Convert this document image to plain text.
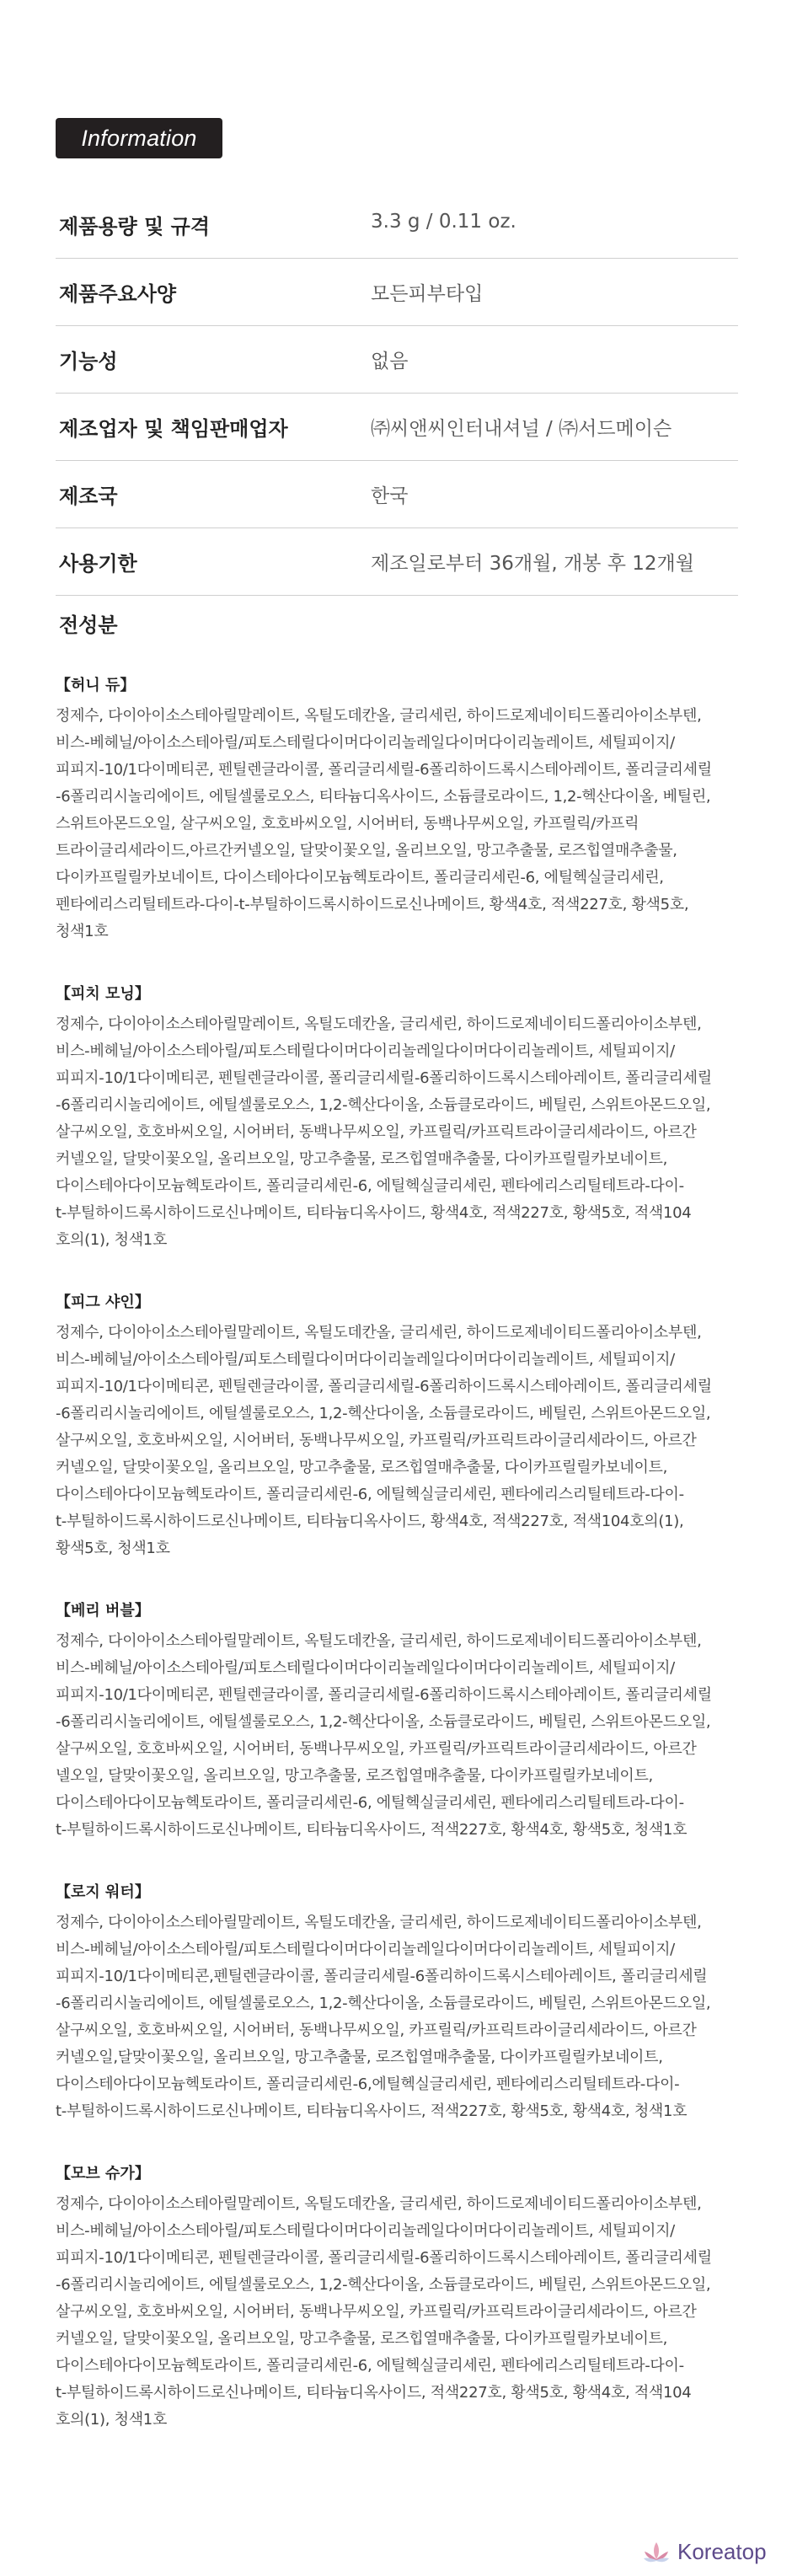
Information
제품용량 및 규격	3.3 g / 0.11 oz.
제품주요사양	모든피부타입
기능성	없음
제조업자 및 책임판매업자	㈜씨앤씨인터내셔널 / ㈜서드메이슨
제조국	한국
사용기한	제조일로부터 36개월, 개봉 후 12개월
전성분
【허니 듀】
정제수, 다이아이소스테아릴말레이트, 옥틸도데칸올, 글리세린, 하이드로제네이티드폴리아이소부텐,
비스-베헤닐/아이소스테아릴/피토스테릴다이머다이리놀레일다이머다이리놀레이트, 세틸피이지/
피피지-10/1다이메티콘, 펜틸렌글라이콜, 폴리글리세릴-6폴리하이드록시스테아레이트, 폴리글리세릴
-6폴리리시놀리에이트, 에틸셀룰로오스, 티타늄디옥사이드, 소듐클로라이드, 1,2-헥산다이올, 베틸린,
스위트아몬드오일, 살구씨오일, 호호바씨오일, 시어버터, 동백나무씨오일, 카프릴릭/카프릭
트라이글리세라이드,아르간커넬오일, 달맞이꽃오일, 올리브오일, 망고추출물, 로즈힙열매추출물,
다이카프릴릴카보네이트, 다이스테아다이모늄헥토라이트, 폴리글리세린-6, 에틸헥실글리세린,
펜타에리스리틸테트라-다이-t-부틸하이드록시하이드로신나메이트, 황색4호, 적색227호, 황색5호,
청색1호
【피치 모닝】
정제수, 다이아이소스테아릴말레이트, 옥틸도데칸올, 글리세린, 하이드로제네이티드폴리아이소부텐,
비스-베헤닐/아이소스테아릴/피토스테릴다이머다이리놀레일다이머다이리놀레이트, 세틸피이지/
피피지-10/1다이메티콘, 펜틸렌글라이콜, 폴리글리세릴-6폴리하이드록시스테아레이트, 폴리글리세릴
-6폴리리시놀리에이트, 에틸셀룰로오스, 1,2-헥산다이올, 소듐클로라이드, 베틸린, 스위트아몬드오일,
살구씨오일, 호호바씨오일, 시어버터, 동백나무씨오일, 카프릴릭/카프릭트라이글리세라이드, 아르간
커넬오일, 달맞이꽃오일, 올리브오일, 망고추출물, 로즈힙열매추출물, 다이카프릴릴카보네이트,
다이스테아다이모늄헥토라이트, 폴리글리세린-6, 에틸헥실글리세린, 펜타에리스리틸테트라-다이-
t-부틸하이드록시하이드로신나메이트, 티타늄디옥사이드, 황색4호, 적색227호, 황색5호, 적색104
호의(1), 청색1호
【피그 샤인】
정제수, 다이아이소스테아릴말레이트, 옥틸도데칸올, 글리세린, 하이드로제네이티드폴리아이소부텐,
비스-베헤닐/아이소스테아릴/피토스테릴다이머다이리놀레일다이머다이리놀레이트, 세틸피이지/
피피지-10/1다이메티콘, 펜틸렌글라이콜, 폴리글리세릴-6폴리하이드록시스테아레이트, 폴리글리세릴
-6폴리리시놀리에이트, 에틸셀룰로오스, 1,2-헥산다이올, 소듐클로라이드, 베틸린, 스위트아몬드오일,
살구씨오일, 호호바씨오일, 시어버터, 동백나무씨오일, 카프릴릭/카프릭트라이글리세라이드, 아르간
커넬오일, 달맞이꽃오일, 올리브오일, 망고추출물, 로즈힙열매추출물, 다이카프릴릴카보네이트,
다이스테아다이모늄헥토라이트, 폴리글리세린-6, 에틸헥실글리세린, 펜타에리스리틸테트라-다이-
t-부틸하이드록시하이드로신나메이트, 티타늄디옥사이드, 황색4호, 적색227호, 적색104호의(1),
황색5호, 청색1호
【베리 버블】
정제수, 다이아이소스테아릴말레이트, 옥틸도데칸올, 글리세린, 하이드로제네이티드폴리아이소부텐,
비스-베헤닐/아이소스테아릴/피토스테릴다이머다이리놀레일다이머다이리놀레이트, 세틸피이지/
피피지-10/1다이메티콘, 펜틸렌글라이콜, 폴리글리세릴-6폴리하이드록시스테아레이트, 폴리글리세릴
-6폴리리시놀리에이트, 에틸셀룰로오스, 1,2-헥산다이올, 소듐클로라이드, 베틸린, 스위트아몬드오일,
살구씨오일, 호호바씨오일, 시어버터, 동백나무씨오일, 카프릴릭/카프릭트라이글리세라이드, 아르간
넬오일, 달맞이꽃오일, 올리브오일, 망고추출물, 로즈힙열매추출물, 다이카프릴릴카보네이트,
다이스테아다이모늄헥토라이트, 폴리글리세린-6, 에틸헥실글리세린, 펜타에리스리틸테트라-다이-
t-부틸하이드록시하이드로신나메이트, 티타늄디옥사이드, 적색227호, 황색4호, 황색5호, 청색1호
【로지 워터】
정제수, 다이아이소스테아릴말레이트, 옥틸도데칸올, 글리세린, 하이드로제네이티드폴리아이소부텐,
비스-베헤닐/아이소스테아릴/피토스테릴다이머다이리놀레일다이머다이리놀레이트, 세틸피이지/
피피지-10/1다이메티콘,펜틸렌글라이콜, 폴리글리세릴-6폴리하이드록시스테아레이트, 폴리글리세릴
-6폴리리시놀리에이트, 에틸셀룰로오스, 1,2-헥산다이올, 소듐클로라이드, 베틸린, 스위트아몬드오일,
살구씨오일, 호호바씨오일, 시어버터, 동백나무씨오일, 카프릴릭/카프릭트라이글리세라이드, 아르간
커넬오일,달맞이꽃오일, 올리브오일, 망고추출물, 로즈힙열매추출물, 다이카프릴릴카보네이트,
다이스테아다이모늄헥토라이트, 폴리글리세린-6,에틸헥실글리세린, 펜타에리스리틸테트라-다이-
t-부틸하이드록시하이드로신나메이트, 티타늄디옥사이드, 적색227호, 황색5호, 황색4호, 청색1호
【모브 슈가】
정제수, 다이아이소스테아릴말레이트, 옥틸도데칸올, 글리세린, 하이드로제네이티드폴리아이소부텐,
비스-베헤닐/아이소스테아릴/피토스테릴다이머다이리놀레일다이머다이리놀레이트, 세틸피이지/
피피지-10/1다이메티콘, 펜틸렌글라이콜, 폴리글리세릴-6폴리하이드록시스테아레이트, 폴리글리세릴
-6폴리리시놀리에이트, 에틸셀룰로오스, 1,2-헥산다이올, 소듐클로라이드, 베틸린, 스위트아몬드오일,
살구씨오일, 호호바씨오일, 시어버터, 동백나무씨오일, 카프릴릭/카프릭트라이글리세라이드, 아르간
커넬오일, 달맞이꽃오일, 올리브오일, 망고추출물, 로즈힙열매추출물, 다이카프릴릴카보네이트,
다이스테아다이모늄헥토라이트, 폴리글리세린-6, 에틸헥실글리세린, 펜타에리스리틸테트라-다이-
t-부틸하이드록시하이드로신나메이트, 티타늄디옥사이드, 적색227호, 황색5호, 황색4호, 적색104
호의(1), 청색1호
Koreatop
